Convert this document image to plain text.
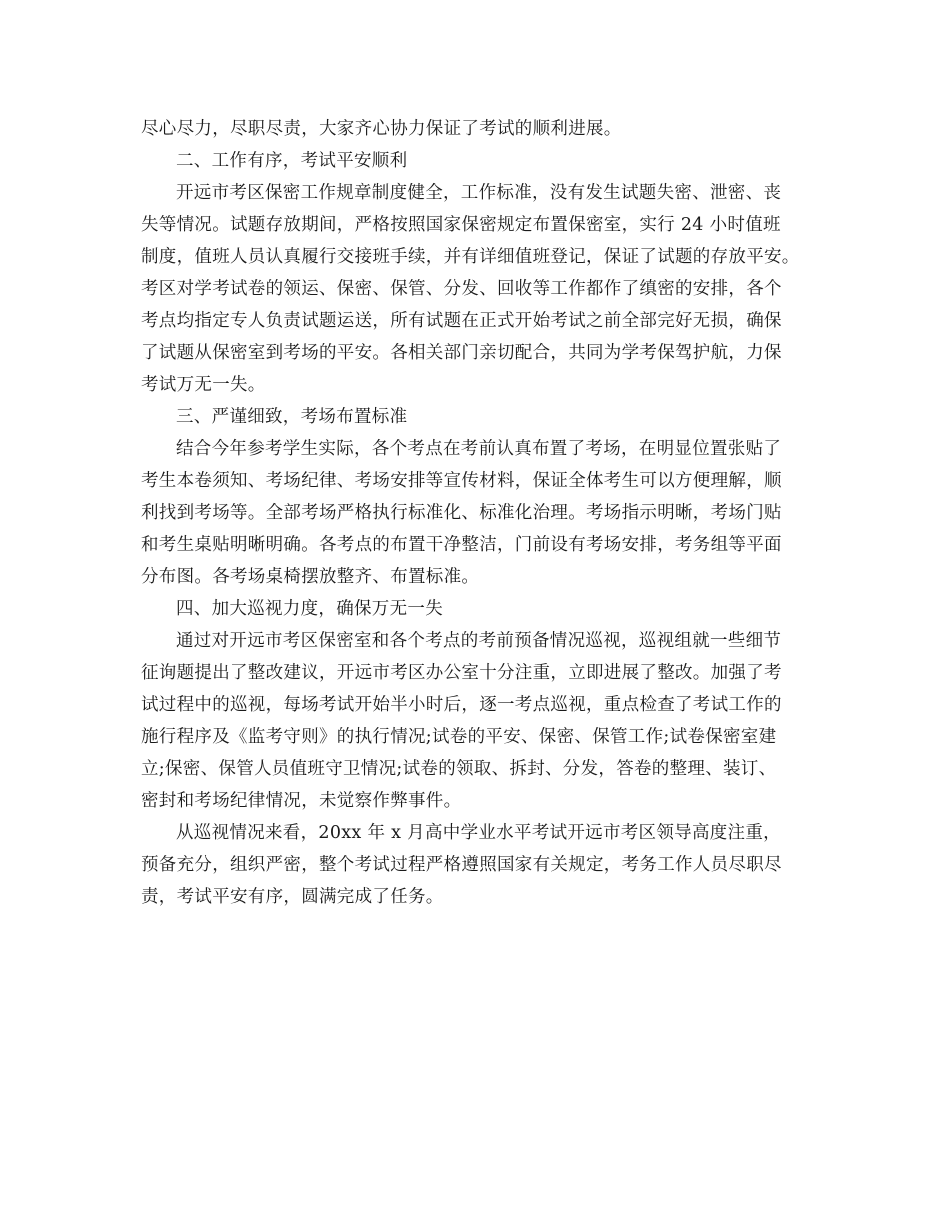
尽心尽力，尽职尽责，大家齐心协力保证了考试的顺利进展。
二、工作有序，考试平安顺利
开远市考区保密工作规章制度健全，工作标准，没有发生试题失密、泄密、丧
失等情况。试题存放期间，严格按照国家保密规定布置保密室，实行 24 小时值班
制度，值班人员认真履行交接班手续，并有详细值班登记，保证了试题的存放平安。
考区对学考试卷的领运、保密、保管、分发、回收等工作都作了缜密的安排，各个
考点均指定专人负责试题运送，所有试题在正式开始考试之前全部完好无损，确保
了试题从保密室到考场的平安。各相关部门亲切配合，共同为学考保驾护航，力保
考试万无一失。
三、严谨细致，考场布置标准
结合今年参考学生实际，各个考点在考前认真布置了考场，在明显位置张贴了
考生本卷须知、考场纪律、考场安排等宣传材料，保证全体考生可以方便理解，顺
利找到考场等。全部考场严格执行标准化、标准化治理。考场指示明晰，考场门贴
和考生桌贴明晰明确。各考点的布置干净整洁，门前设有考场安排，考务组等平面
分布图。各考场桌椅摆放整齐、布置标准。
四、加大巡视力度，确保万无一失
通过对开远市考区保密室和各个考点的考前预备情况巡视，巡视组就一些细节
征询题提出了整改建议，开远市考区办公室十分注重，立即进展了整改。加强了考
试过程中的巡视，每场考试开始半小时后，逐一考点巡视，重点检查了考试工作的
施行程序及《监考守则》的执行情况;试卷的平安、保密、保管工作;试卷保密室建
立;保密、保管人员值班守卫情况;试卷的领取、拆封、分发，答卷的整理、装订、
密封和考场纪律情况，未觉察作弊事件。
从巡视情况来看，20xx 年 x 月高中学业水平考试开远市考区领导高度注重，
预备充分，组织严密，整个考试过程严格遵照国家有关规定，考务工作人员尽职尽
责，考试平安有序，圆满完成了任务。
